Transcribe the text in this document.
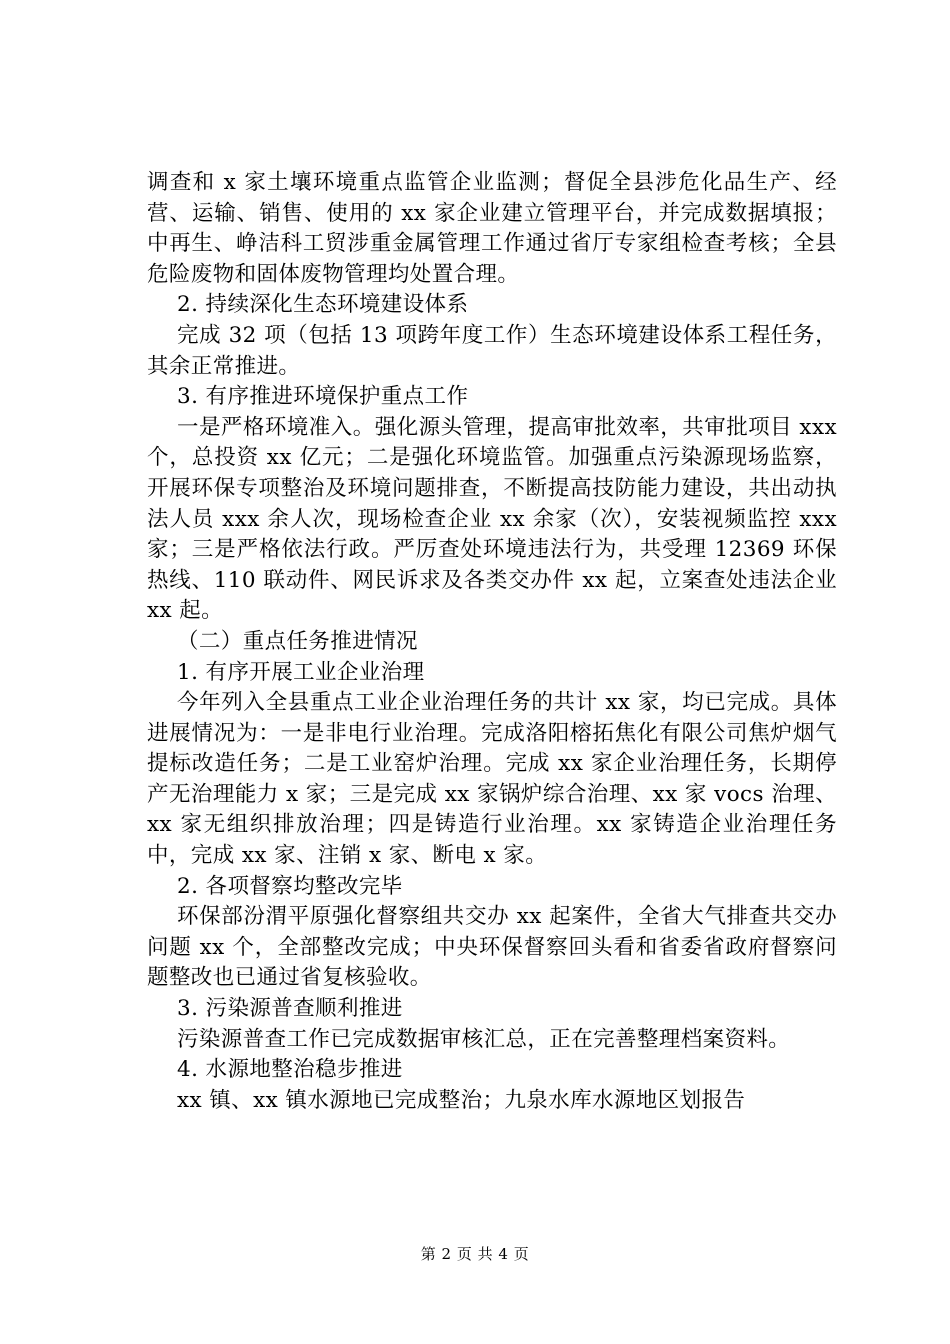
调查和 x 家土壤环境重点监管企业监测；督促全县涉危化品生产、经营、运输、销售、使用的 xx 家企业建立管理平台，并完成数据填报；中再生、峥洁科工贸涉重金属管理工作通过省厅专家组检查考核；全县危险废物和固体废物管理均处置合理。

2. 持续深化生态环境建设体系

完成 32 项（包括 13 项跨年度工作）生态环境建设体系工程任务，其余正常推进。

3. 有序推进环境保护重点工作

一是严格环境准入。强化源头管理，提高审批效率，共审批项目 xxx 个，总投资 xx 亿元；二是强化环境监管。加强重点污染源现场监察，开展环保专项整治及环境问题排查，不断提高技防能力建设，共出动执法人员 xxx 余人次，现场检查企业 xx 余家（次），安装视频监控 xxx 家；三是严格依法行政。严厉查处环境违法行为，共受理 12369 环保热线、110 联动件、网民诉求及各类交办件 xx 起，立案查处违法企业 xx 起。

（二）重点任务推进情况

1. 有序开展工业企业治理

今年列入全县重点工业企业治理任务的共计 xx 家，均已完成。具体进展情况为：一是非电行业治理。完成洛阳榕拓焦化有限公司焦炉烟气提标改造任务；二是工业窑炉治理。完成 xx 家企业治理任务，长期停产无治理能力 x 家；三是完成 xx 家锅炉综合治理、xx 家 vocs 治理、xx 家无组织排放治理；四是铸造行业治理。xx 家铸造企业治理任务中，完成 xx 家、注销 x 家、断电 x 家。

2. 各项督察均整改完毕

环保部汾渭平原强化督察组共交办 xx 起案件，全省大气排查共交办问题 xx 个，全部整改完成；中央环保督察回头看和省委省政府督察问题整改也已通过省复核验收。

3. 污染源普查顺利推进

污染源普查工作已完成数据审核汇总，正在完善整理档案资料。

4. 水源地整治稳步推进

xx 镇、xx 镇水源地已完成整治；九泉水库水源地区划报告

第 2 页 共 4 页
